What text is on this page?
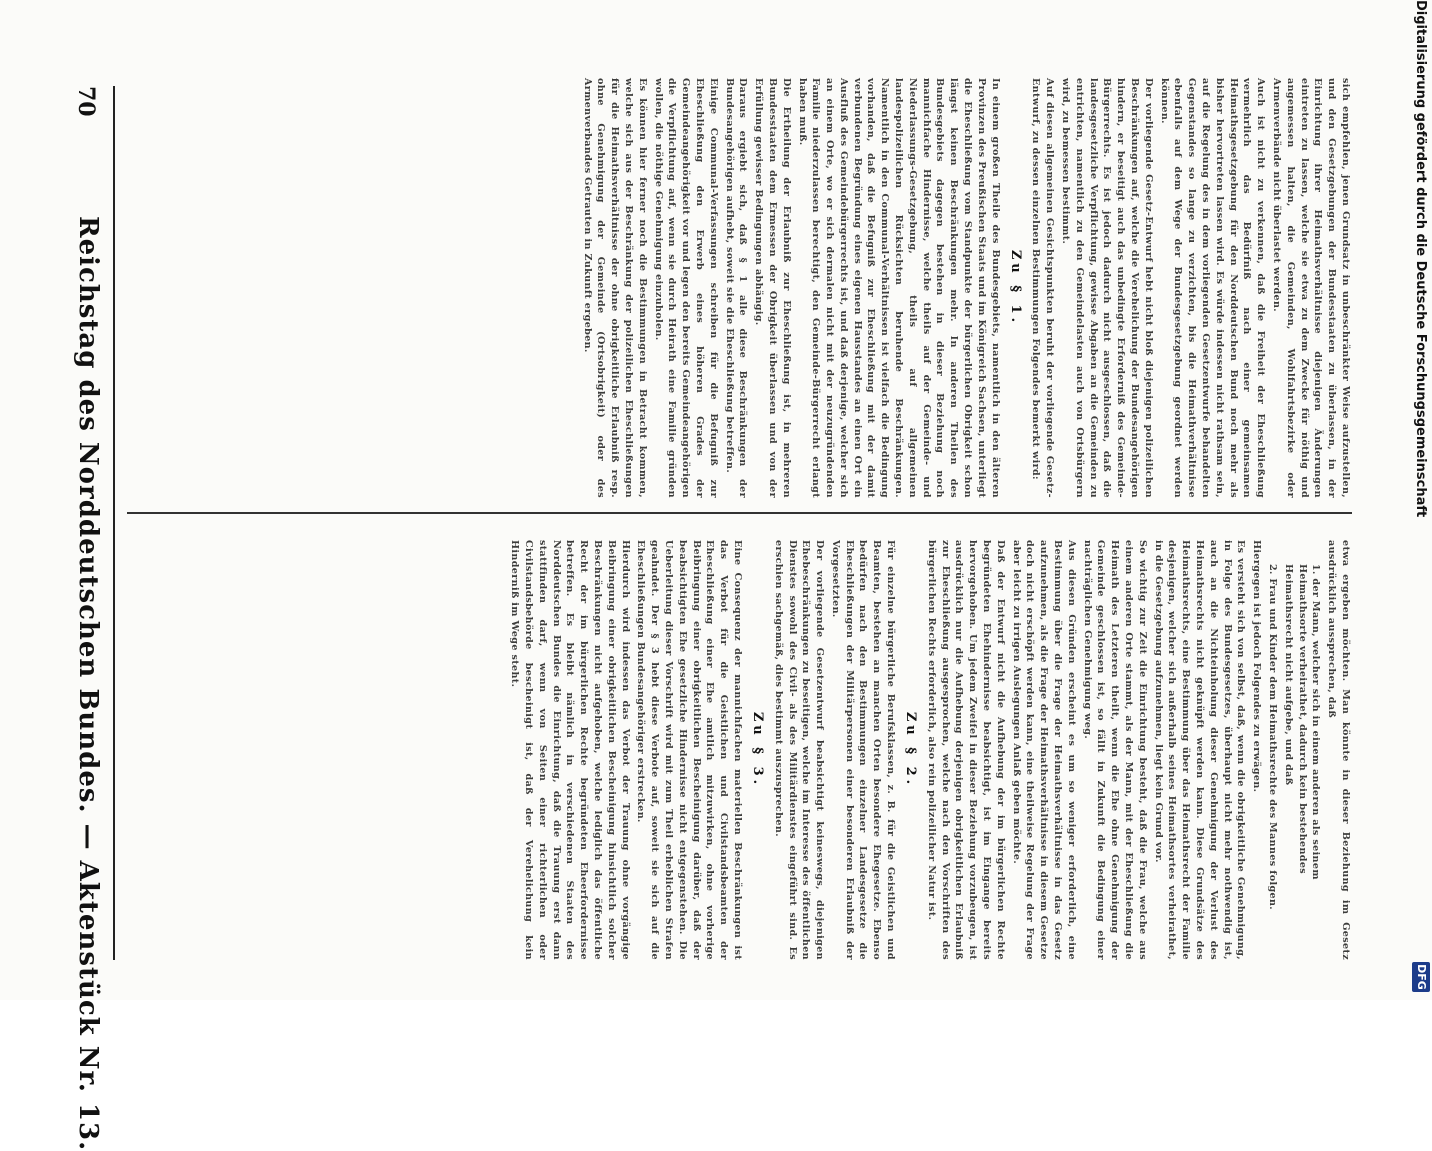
70
Reichstag des Norddeutschen Bundes. — Aktenstück Nr. 13.	sich empfehlen, jenen Grundsatz in unbeschränkter Weise aufzustellen, und den Gesetzgebungen der Bundesstaaten zu überlassen, in der Einrichtung ihrer Heimathsverhältnisse diejenigen Änderungen eintreten zu lassen, welche sie etwa zu dem Zwecke für nöthig und angemessen halten, die Gemeinden, Wohlfahrtsbezirke oder Armenverbände nicht überlastet werden.

Auch ist nicht zu verkennen, daß die Freiheit der Eheschließung vermehrlich das Bedürfniß nach einer gemeinsamen Heimathsgesetzgebung für den Norddeutschen Bund noch mehr als bisher hervortreten lassen wird. Es würde indessen nicht rathsam sein, auf die Regelung des in dem vorliegenden Gesetzentwurfe behandelten Gegenstandes so lange zu verzichten, bis die Heimathverhältnisse ebenfalls auf dem Wege der Bundesgesetzgebung geordnet werden können.

Der vorliegende Gesetz-Entwurf hebt nicht bloß diejenigen polizeilichen Beschränkungen auf, welche die Verehelichung der Bundesangehörigen hindern, er beseitigt auch das unbedingte Erforderniß des Gemeinde-Bürgerrechts. Es ist jedoch dadurch nicht ausgeschlossen, daß die landesgesetzliche Verpflichtung, gewisse Abgaben an die Gemeinden zu entrichten, namentlich zu den Gemeindelasten auch von Ortsbürgern wird, zu bemessen bestimmt.

Auf diesen allgemeinen Gesichtspunkten beruht der vorliegende Gesetz-Entwurf, zu dessen einzelnen Bestimmungen Folgendes bemerkt wird:

Zu § 1.

In einem großen Theile des Bundesgebiets, namentlich in den älteren Provinzen des Preußischen Staats und im Königreich Sachsen, unterliegt die Eheschließung vom Standpunkte der bürgerlichen Obrigkeit schon längst keinen Beschränkungen mehr. In anderen Theilen des Bundesgebiets dagegen bestehen in dieser Beziehung noch mannichfache Hindernisse, welche theils auf der Gemeinde- und Niederlassungs-Gesetzgebung, theils auf allgemeinen landespolizeilichen Rücksichten beruhende Beschränkungen. Namentlich in den Communal-Verhältnissen ist vielfach die Bedingung vorhanden, daß die Befugniß zur Eheschließung mit der damit verbundenen Begründung eines eigenen Hausstandes an einen Ort ein Ausfluß des Gemeindebürgerrechts ist, und daß derjenige, welcher sich an einem Orte, wo er sich dermalen nicht mit der neuzugründenden Familie niederzulassen berechtigt, den Gemeinde-Bürgerrecht erlangt haben muß.

Die Ertheilung der Erlaubniß zur Eheschließung ist, in mehreren Bundesstaaten dem Ermessen der Obrigkeit überlassen und von der Erfüllung gewisser Bedingungen abhängig.

Daraus ergiebt sich, daß § 1 alle diese Beschränkungen der Bundesangehörigen aufhebt, soweit sie die Eheschließung betreffen.

Einige Communal-Verfassungen schreiben für die Befugniß zur Eheschließung den Erwerb eines höheren Grades der Gemeindeangehörigkeit vor und legen den bereits Gemeindeangehörigen die Verpflichtung auf, wenn sie durch Heirath eine Familie gründen wollen, die nöthige Genehmigung einzuholen.

Es können hier ferner noch die Bestimmungen in Betracht kommen, welche sich aus der Beschränkung der polizeilichen Eheschließungen für die Heimathsverhältnisse der ohne obrigkeitliche Erlaubniß resp. ohne Genehmigung der Gemeinde (Ortsobrigkeit) oder des Armenverbandes Getrauten in Zukunft ergeben.

etwa ergeben möchten. Man könnte in dieser Beziehung im Gesetz ausdrücklich aussprechen, daß

1. der Mann, welcher sich in einem anderen als seinem Heimathsorte verheirathet, dadurch kein bestehendes Heimathsrecht nicht aufgebe, und daß

2. Frau und Kinder dem Heimathsrechte des Mannes folgen.

Hiergegen ist jedoch Folgendes zu erwägen.

Es versteht sich von selbst, daß, wenn die obrigkeitliche Genehmigung, in Folge des Bundesgesetzes, überhaupt nicht mehr nothwendig ist, auch an die Nichteinholung dieser Genehmigung der Verlust des Heimathsrechts nicht geknüpft werden kann. Diese Grundsätze des Heimathsrechts, eine Bestimmung über das Heimathsrecht der Familie desjenigen, welcher sich außerhalb seines Heimathsortes verheirathet, in die Gesetzgebung aufzunehmen, liegt kein Grund vor.

So wichtig zur Zeit die Einrichtung besteht, daß die Frau, welche aus einem anderen Orte stammt, als der Mann, mit der Eheschließung die Heimath des Letzteren theilt, wenn die Ehe ohne Genehmigung der Gemeinde geschlossen ist, so fällt in Zukunft die Bedingung einer nachträglichen Genehmigung weg.

Aus diesen Gründen erscheint es um so weniger erforderlich, eine Bestimmung über die Frage der Heimathsverhältnisse in das Gesetz aufzunehmen, als die Frage der Heimathsverhältnisse in diesem Gesetze doch nicht erschöpft werden kann, eine theilweise Regelung der Frage aber leicht zu irrigen Auslegungen Anlaß geben möchte.

Daß der Entwurf nicht die Aufhebung der im bürgerlichen Rechte begründeten Ehehindernisse beabsichtigt, ist im Eingange bereits hervorgehoben. Um jedem Zweifel in dieser Beziehung vorzubeugen, ist ausdrücklich nur die Aufhebung derjenigen obrigkeitlichen Erlaubniß zur Eheschließung ausgesprochen, welche nach den Vorschriften des bürgerlichen Rechts erforderlich, also rein polizeilicher Natur ist.

Zu § 2.

Für einzelne bürgerliche Berufsklassen, z. B. für die Geistlichen und Beamten, bestehen an manchen Orten besondere Ehegesetze. Ebenso bedürfen nach den Bestimmungen einzelner Landesgesetze die Eheschließungen der Militärpersonen einer besonderen Erlaubniß der Vorgesetzten.

Der vorliegende Gesetzentwurf beabsichtigt keineswegs, diejenigen Ehebeschränkungen zu beseitigen, welche im Interesse des öffentlichen Dienstes sowohl des Civil- als des Militärdienstes eingeführt sind. Es erschien sachgemäß, dies bestimmt auszusprechen.

Zu § 3.

Eine Consequenz der mannichfachen materiellen Beschränkungen ist das Verbot für die Geistlichen und Civilstandsbeamten der Eheschließung einer Ehe amtlich mitzuwirken, ohne vorherige Beibringung einer obrigkeitlichen Bescheinigung darüber, daß der beabsichtigten Ehe gesetzliche Hindernisse nicht entgegenstehen. Die Ueberleitung dieser Vorschrift wird mit zum Theil erheblichen Strafen geahndet. Der § 3 hebt diese Verbote auf, soweit sie sich auf die Eheschließungen Bundesangehöriger erstrecken.

Hierdurch wird indessen das Verbot der Trauung ohne vorgängige Beibringung einer obrigkeitlichen Bescheinigung hinsichtlich solcher Beschränkungen nicht aufgehoben, welche lediglich das öffentliche Recht der im bürgerlichen Rechte begründeten Eheerfordernisse betreffen. Es bleibt nämlich in verschiedenen Staaten des Norddeutschen Bundes die Einrichtung, daß die Trauung erst dann stattfinden darf, wenn von Seiten einer richterlichen oder Civilstandsbehörde bescheinigt ist, daß der Verehelichung kein Hinderniß im Wege steht.

Digitalisierung gefördert durch die Deutsche Forschungsgemeinschaft
DFG
